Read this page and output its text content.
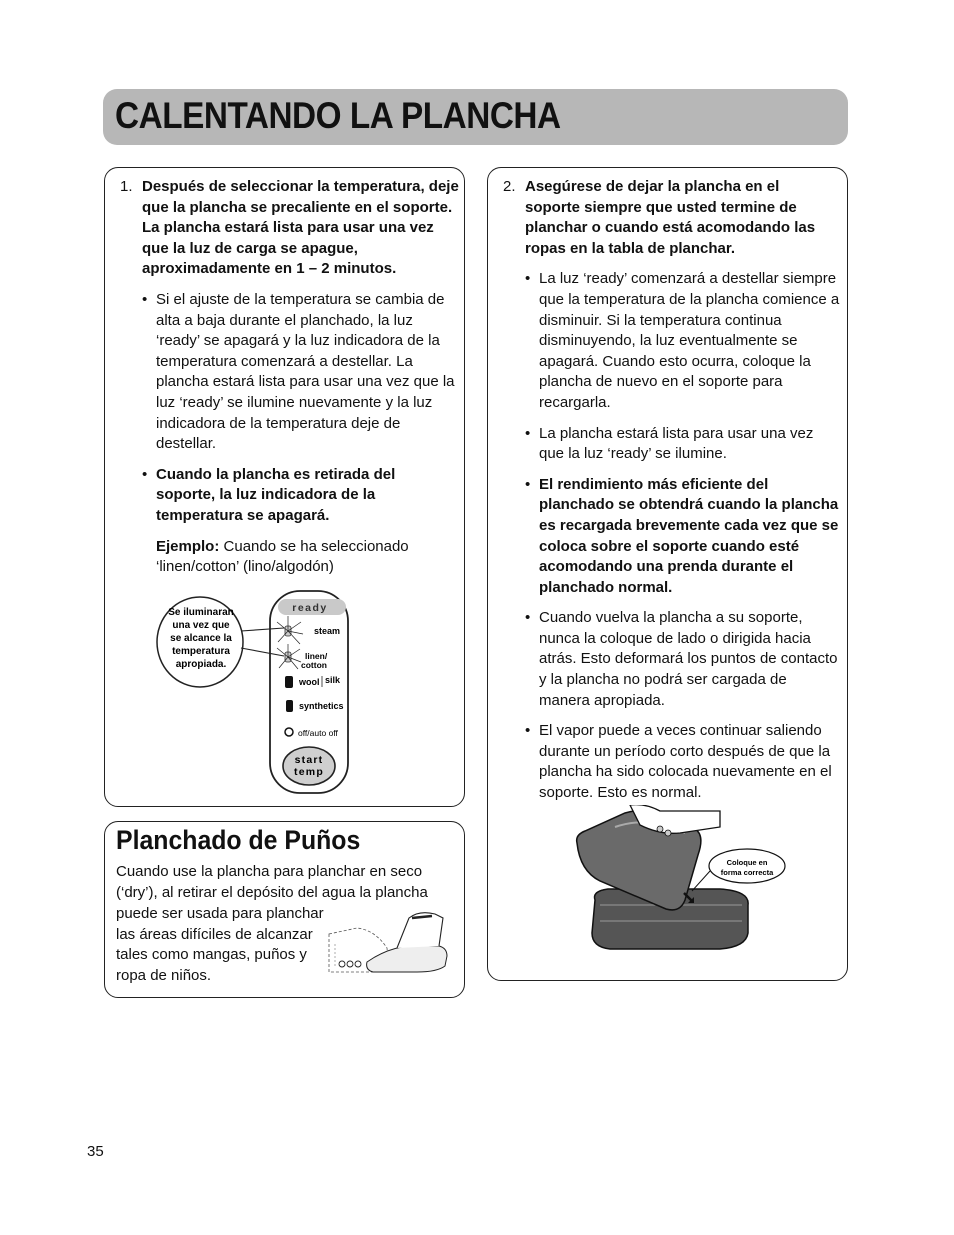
CALENTANDO LA PLANCHA
1. Después de seleccionar la temperatura, deje que la plancha se precaliente en el soporte. La plancha estará lista para usar una vez que la luz de carga se apague, aproximadamente en 1 – 2 minutos.
• Si el ajuste de la temperatura se cambia de alta a baja durante el planchado, la luz ‘ready’ se apagará y la luz indicadora de la temperatura comenzará a destellar. La plancha estará lista para usar una vez que la luz ‘ready’ se ilumine nuevamente y la luz indicadora de la temperatura deje de destellar.
• Cuando la plancha es retirada del soporte, la luz indicadora de la temperatura se apagará.
Ejemplo: Cuando se ha seleccionado ‘linen/cotton’ (lino/algodón)
ready
steam
linen/
cotton
wool silk
synthetics
off/auto off
start
temp
Se iluminaran
una vez que
se alcance la
temperatura
apropiada.
2. Asegúrese de dejar la plancha en el soporte siempre que usted termine de planchar o cuando está acomodando las ropas en la tabla de planchar.
• La luz ‘ready’ comenzará a destellar siempre que la temperatura de la plancha comience a disminuir. Si la temperatura continua disminuyendo, la luz eventualmente se apagará. Cuando esto ocurra, coloque la plancha de nuevo en el soporte para recargarla.
• La plancha estará lista para usar una vez que la luz ‘ready’ se ilumine.
• El rendimiento más eficiente del planchado se obtendrá cuando la plancha es recargada brevemente cada vez que se coloca sobre el soporte cuando esté acomodando una prenda durante el planchado normal.
• Cuando vuelva la plancha a su soporte, nunca la coloque de lado o dirigida hacia atrás. Esto deformará los puntos de contacto y la plancha no podrá ser cargada de manera apropiada.
• El vapor puede a veces continuar saliendo durante un período corto después de que la plancha ha sido colocada nuevamente en el soporte. Esto es normal.
Coloque en
forma correcta
Planchado de Puños
Cuando use la plancha para planchar en seco
(‘dry’), al retirar el depósito del agua la plancha
puede ser usada para planchar las áreas difíciles de alcanzar tales como mangas, puños y ropa de niños.
35
